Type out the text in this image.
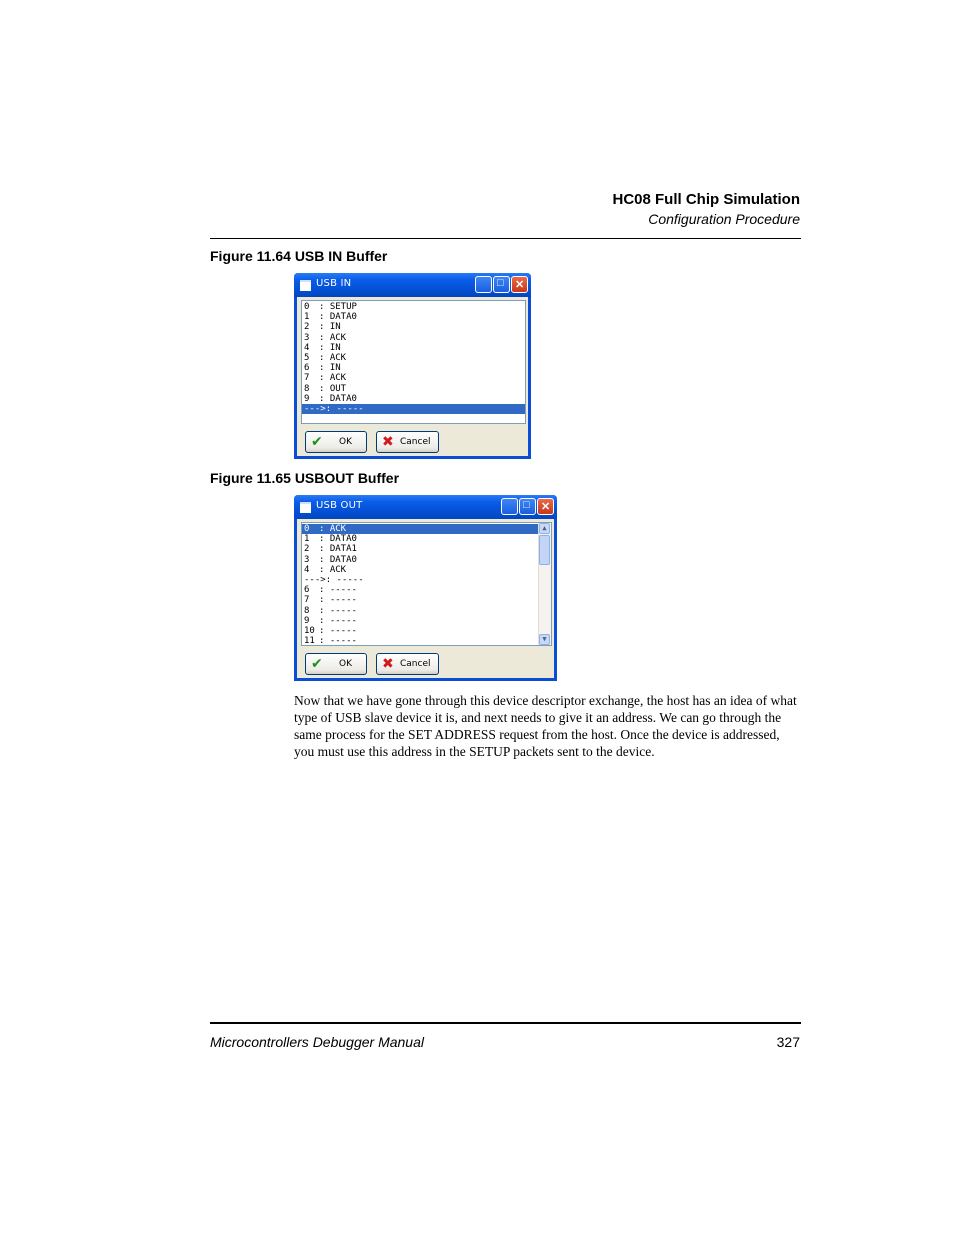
HC08 Full Chip Simulation
Configuration Procedure
Figure 11.64 USB IN Buffer
USB IN	_ □ ✕
0 : SETUP
1 : DATA0
2 : IN
3 : ACK
4 : IN
5 : ACK
6 : IN
7 : ACK
8 : OUT
9 : DATA0
--->: -----
✔ OK ✖ Cancel
Figure 11.65 USBOUT Buffer
USB OUT	_ □ ✕
0 : ACK
1 : DATA0
2 : DATA1
3 : DATA0
4 : ACK
--->: -----
6 : -----
7 : -----
8 : -----
9 : -----
10 : -----
11 : -----
▲
▼
✔ OK ✖ Cancel
Now that we have gone through this device descriptor exchange, the host has an idea of what type of USB slave device it is, and next needs to give it an address. We can go through the same process for the SET ADDRESS request from the host. Once the device is addressed, you must use this address in the SETUP packets sent to the device.
Microcontrollers Debugger Manual	327
